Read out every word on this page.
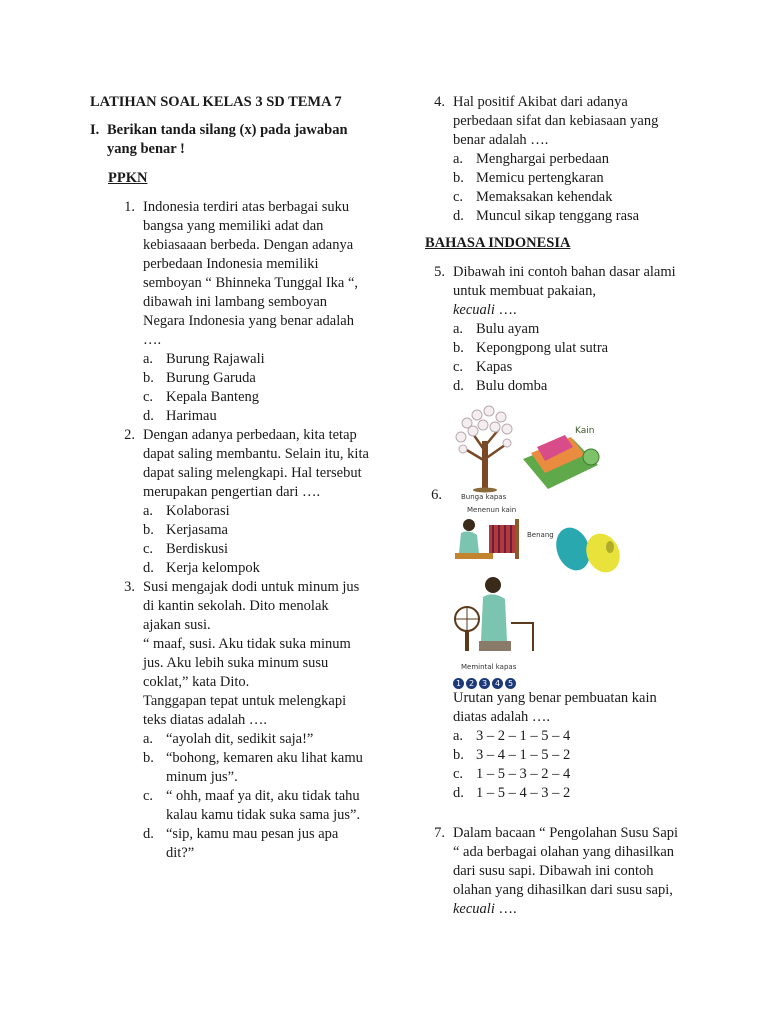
LATIHAN SOAL KELAS 3 SD TEMA 7
I. Berikan tanda silang (x) pada jawaban yang benar !
PPKN
1. Indonesia terdiri atas berbagai suku bangsa yang memiliki adat dan kebiasaaan berbeda. Dengan adanya perbedaan Indonesia memiliki semboyan “ Bhinneka Tunggal Ika “, dibawah ini lambang semboyan Negara Indonesia yang benar adalah ….
a. Burung Rajawali
b. Burung Garuda
c. Kepala Banteng
d. Harimau
2. Dengan adanya perbedaan, kita tetap dapat saling membantu. Selain itu, kita dapat saling melengkapi. Hal tersebut merupakan pengertian dari ….
a. Kolaborasi
b. Kerjasama
c. Berdiskusi
d. Kerja kelompok
3. Susi mengajak dodi untuk minum jus di kantin sekolah. Dito menolak ajakan susi.
“ maaf, susi. Aku tidak suka minum jus. Aku lebih suka minum susu coklat,” kata Dito.
Tanggapan tepat untuk melengkapi teks diatas adalah ….
a. “ayolah dit, sedikit saja!”
b. “bohong, kemaren aku lihat kamu minum jus”.
c. “ ohh, maaf ya dit, aku tidak tahu kalau kamu tidak suka sama jus”.
d. “sip, kamu mau pesan jus apa dit?”
4. Hal positif Akibat dari adanya perbedaan sifat dan kebiasaan yang benar adalah ….
a. Menghargai perbedaan
b. Memicu pertengkaran
c. Memaksakan kehendak
d. Muncul sikap tenggang rasa
BAHASA INDONESIA
5. Dibawah ini contoh bahan dasar alami untuk membuat pakaian,
kecuali ….
a. Bulu ayam
b. Kepongpong ulat sutra
c. Kapas
d. Bulu domba
6.	Bunga kapas
Kain
Menenun kain
Benang
Memintal kapas
1 2 3 4 5
Urutan yang benar pembuatan kain diatas adalah ….
a. 3 – 2 – 1 – 5 – 4
b. 3 – 4 – 1 – 5 – 2
c. 1 – 5 – 3 – 2 – 4
d. 1 – 5 – 4 – 3 – 2
7. Dalam bacaan “ Pengolahan Susu Sapi “ ada berbagai olahan yang dihasilkan dari susu sapi. Dibawah ini contoh olahan yang dihasilkan dari susu sapi, kecuali ….
